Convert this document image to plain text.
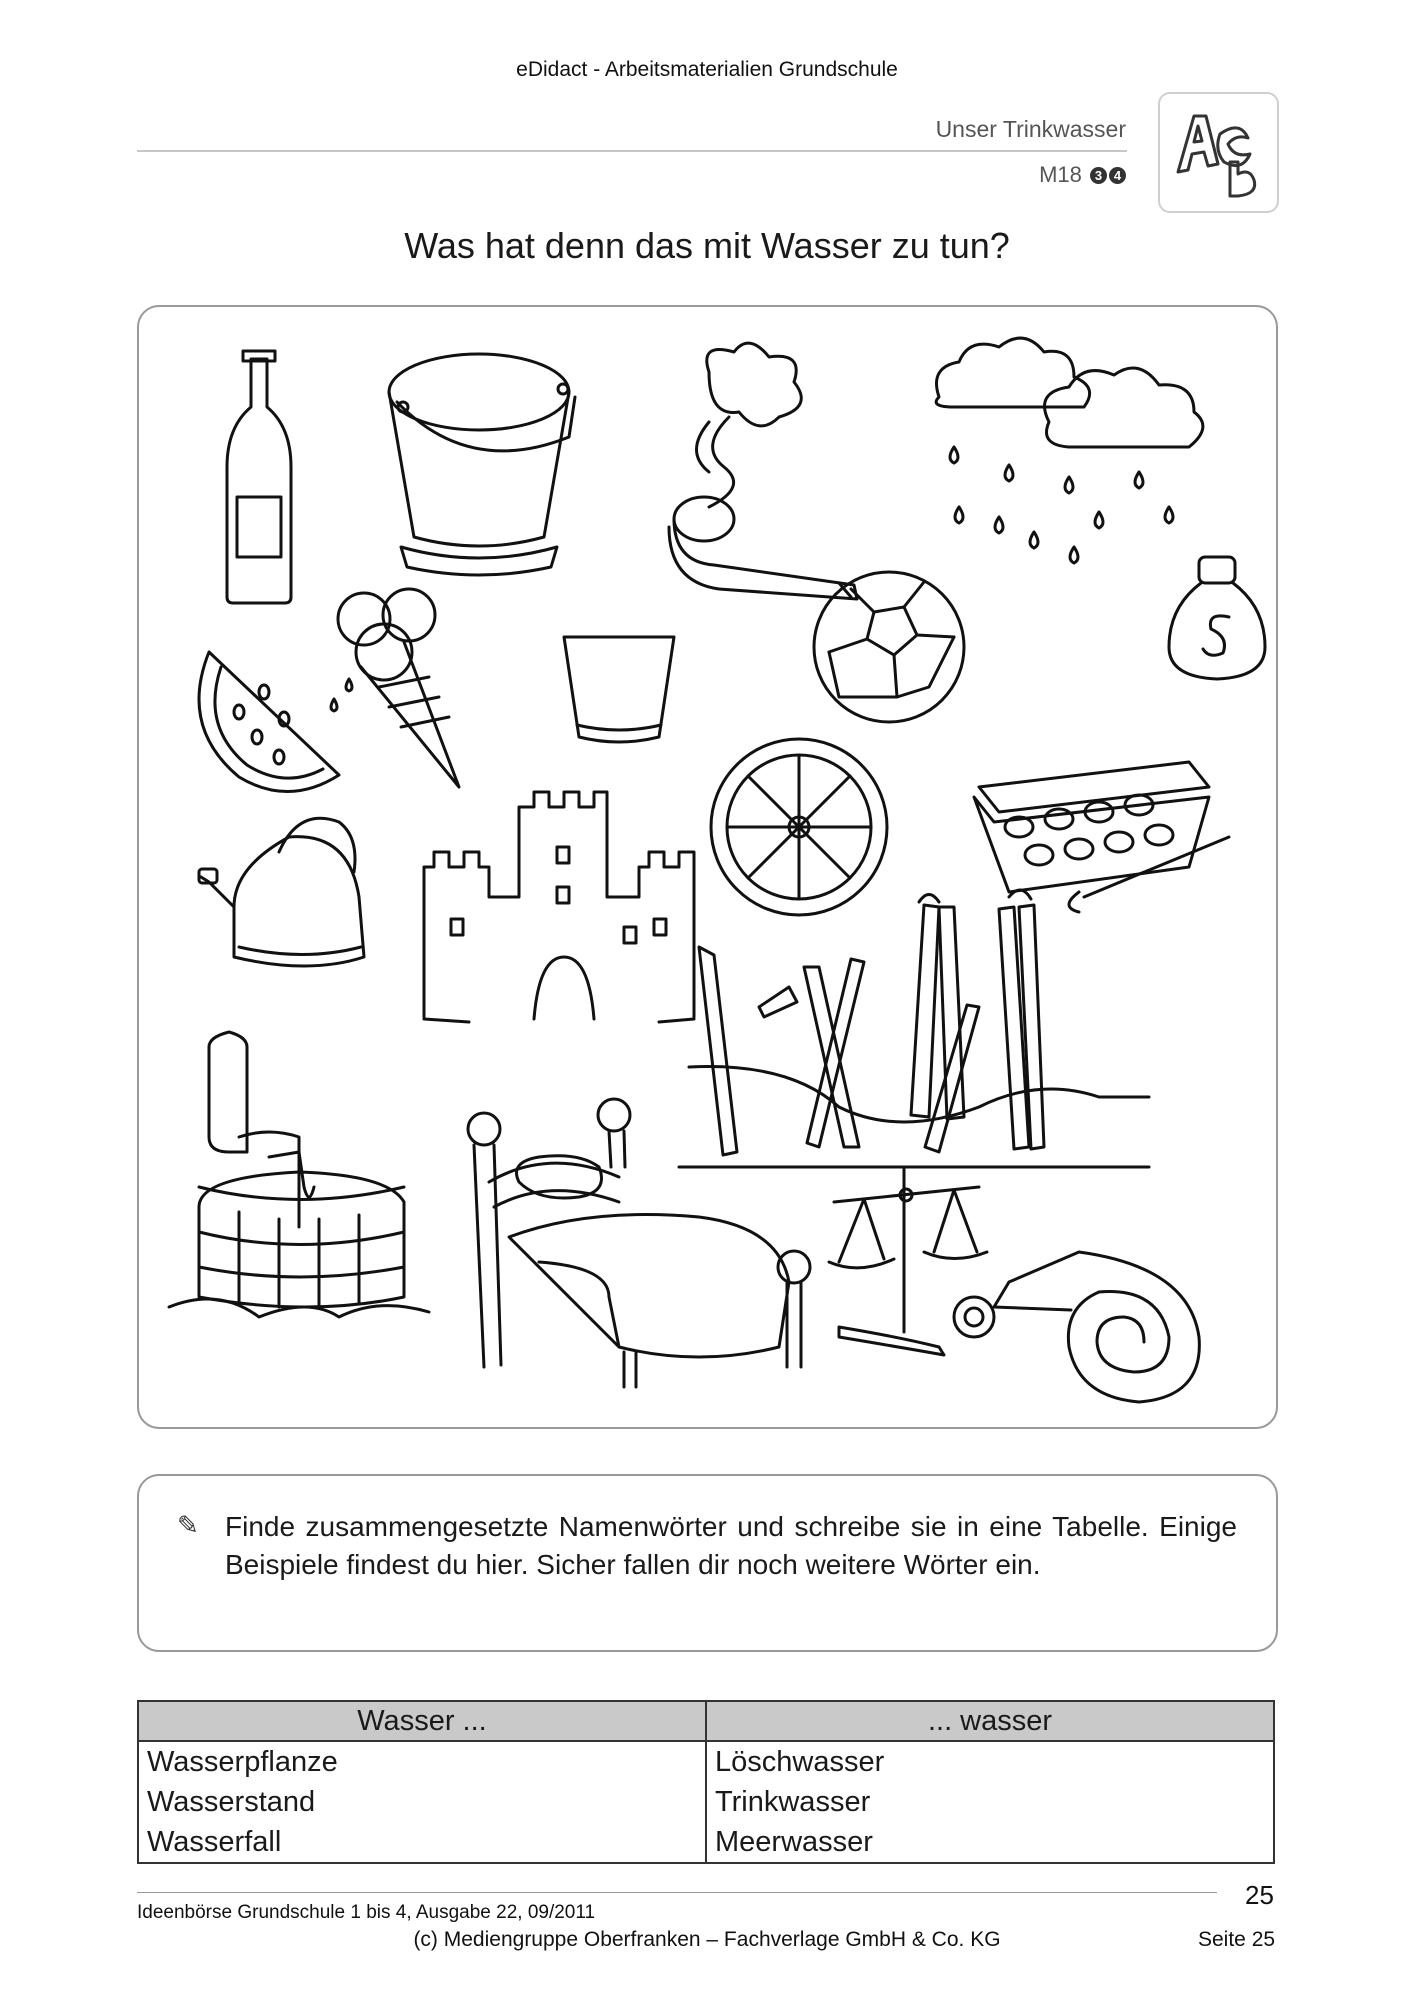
eDidact - Arbeitsmaterialien Grundschule
Unser Trinkwasser
M18 3 4
Was hat denn das mit Wasser zu tun?
✎ Finde zusammengesetzte Namenwörter und schreibe sie in eine Tabelle. Einige Beispiele findest du hier. Sicher fallen dir noch weitere Wörter ein.
Wasser ...	... wasser
Wasserpflanze	Löschwasser
Wasserstand	Trinkwasser
Wasserfall	Meerwasser
Ideenbörse Grundschule 1 bis 4, Ausgabe 22, 09/2011
25
(c) Mediengruppe Oberfranken – Fachverlage GmbH & Co. KG	Seite 25
